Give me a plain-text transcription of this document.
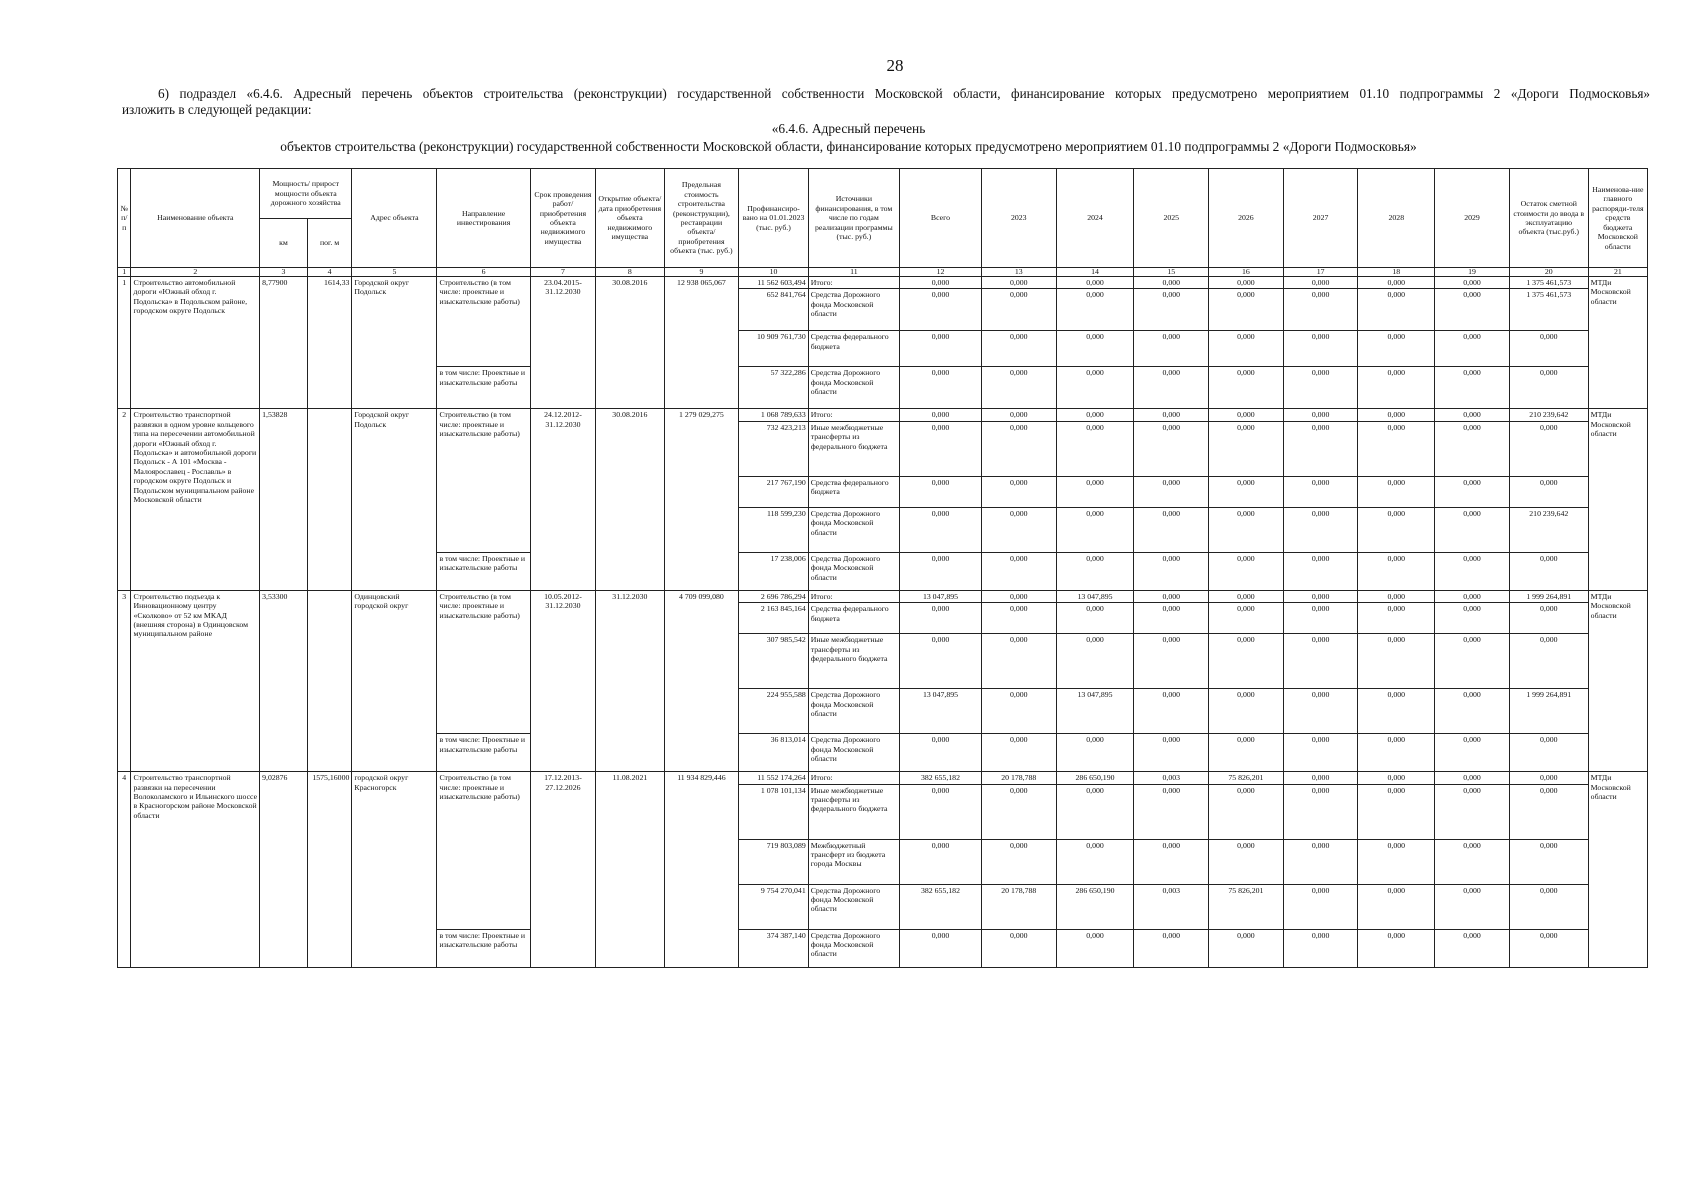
28
6) подраздел «6.4.6. Адресный перечень объектов строительства (реконструкции) государственной собственности Московской области, финансирование которых предусмотрено мероприятием 01.10 подпрограммы 2 «Дороги Подмосковья»
изложить в следующей редакции:
«6.4.6. Адресный перечень
объектов строительства (реконструкции) государственной собственности Московской области, финансирование которых предусмотрено мероприятием 01.10 подпрограммы 2 «Дороги Подмосковья»
№ п/п	Наименование объекта	Мощность/ прирост мощности объекта дорожного хозяйства		Адрес объекта	Направление инвестирования	Срок проведения работ/ приобретения объекта недвижимого имущества	Открытие объекта/ дата приобретения объекта недвижимого имущества	Предельная стоимость строительства (реконструкции), реставрации объекта/ приобретения объекта (тыс. руб.)	Профинансиро-вано на 01.01.2023 (тыс. руб.)	Источники финансирования, в том числе по годам реализации программы (тыс. руб.)	Всего	2023	2024	2025	2026	2027	2028	2029	Остаток сметной стоимости до ввода в эксплуатацию объекта (тыс.руб.)	Наименова-ние главного распоряди-теля средств бюджета Московской области
		км	пог. м																	
1	2	3	4	5	6	7	8	9	10	11	12	13	14	15	16	17	18	19	20	21
1	Строительство автомобильной дороги «Южный обход г. Подольска» в Подольском районе, городском округе Подольск	8,77900	1614,33	Городской округ Подольск	Строительство (в том числе: проектные и изыскательские работы)	23.04.2015-31.12.2030	30.08.2016	12 938 065,067	11 562 603,494	Итого:	0,000	0,000	0,000	0,000	0,000	0,000	0,000	0,000	1 375 461,573	МТДи Московской области
									652 841,764	Средства Дорожного фонда Московской области	0,000	0,000	0,000	0,000	0,000	0,000	0,000	0,000	1 375 461,573	
									10 909 761,730	Средства федерального бюджета	0,000	0,000	0,000	0,000	0,000	0,000	0,000	0,000	0,000	
					в том числе: Проектные и изыскательские работы				57 322,286	Средства Дорожного фонда Московской области	0,000	0,000	0,000	0,000	0,000	0,000	0,000	0,000	0,000	
2	Строительство транспортной развязки в одном уровне кольцевого типа на пересечении автомобильной дороги «Южный обход г. Подольска» и автомобильной дороги Подольск - А 101 «Москва - Малоярославец - Рославль» в городском округе Подольск и Подольском муниципальном районе Московской области	1,53828		Городской округ Подольск	Строительство (в том числе: проектные и изыскательские работы)	24.12.2012-31.12.2030	30.08.2016	1 279 029,275	1 068 789,633	Итого:	0,000	0,000	0,000	0,000	0,000	0,000	0,000	0,000	210 239,642	МТДи Московской области
									732 423,213	Иные межбюджетные трансферты из федерального бюджета	0,000	0,000	0,000	0,000	0,000	0,000	0,000	0,000	0,000	
									217 767,190	Средства федерального бюджета	0,000	0,000	0,000	0,000	0,000	0,000	0,000	0,000	0,000	
									118 599,230	Средства Дорожного фонда Московской области	0,000	0,000	0,000	0,000	0,000	0,000	0,000	0,000	210 239,642	
					в том числе: Проектные и изыскательские работы				17 238,006	Средства Дорожного фонда Московской области	0,000	0,000	0,000	0,000	0,000	0,000	0,000	0,000	0,000	
3	Строительство подъезда к Инновационному центру «Сколково» от 52 км МКАД (внешняя сторона) в Одинцовском муниципальном районе	3,53300		Одинцовский городской округ	Строительство (в том числе: проектные и изыскательские работы)	10.05.2012-31.12.2030	31.12.2030	4 709 099,080	2 696 786,294	Итого:	13 047,895	0,000	13 047,895	0,000	0,000	0,000	0,000	0,000	1 999 264,891	МТДи Московской области
									2 163 845,164	Средства федерального бюджета	0,000	0,000	0,000	0,000	0,000	0,000	0,000	0,000	0,000	
									307 985,542	Иные межбюджетные трансферты из федерального бюджета	0,000	0,000	0,000	0,000	0,000	0,000	0,000	0,000	0,000	
									224 955,588	Средства Дорожного фонда Московской области	13 047,895	0,000	13 047,895	0,000	0,000	0,000	0,000	0,000	1 999 264,891	
					в том числе: Проектные и изыскательские работы				36 813,014	Средства Дорожного фонда Московской области	0,000	0,000	0,000	0,000	0,000	0,000	0,000	0,000	0,000	
4	Строительство транспортной развязки на пересечении Волоколамского и Ильинского шоссе в Красногорском районе Московской области	9,02876	1575,16000	городской округ Красногорск	Строительство (в том числе: проектные и изыскательские работы)	17.12.2013-27.12.2026	11.08.2021	11 934 829,446	11 552 174,264	Итого:	382 655,182	20 178,788	286 650,190	0,003	75 826,201	0,000	0,000	0,000	0,000	МТДи Московской области
									1 078 101,134	Иные межбюджетные трансферты из федерального бюджета	0,000	0,000	0,000	0,000	0,000	0,000	0,000	0,000	0,000	
									719 803,089	Межбюджетный трансферт из бюджета города Москвы	0,000	0,000	0,000	0,000	0,000	0,000	0,000	0,000	0,000	
									9 754 270,041	Средства Дорожного фонда Московской области	382 655,182	20 178,788	286 650,190	0,003	75 826,201	0,000	0,000	0,000	0,000	
					в том числе: Проектные и изыскательские работы				374 387,140	Средства Дорожного фонда Московской области	0,000	0,000	0,000	0,000	0,000	0,000	0,000	0,000	0,000	
